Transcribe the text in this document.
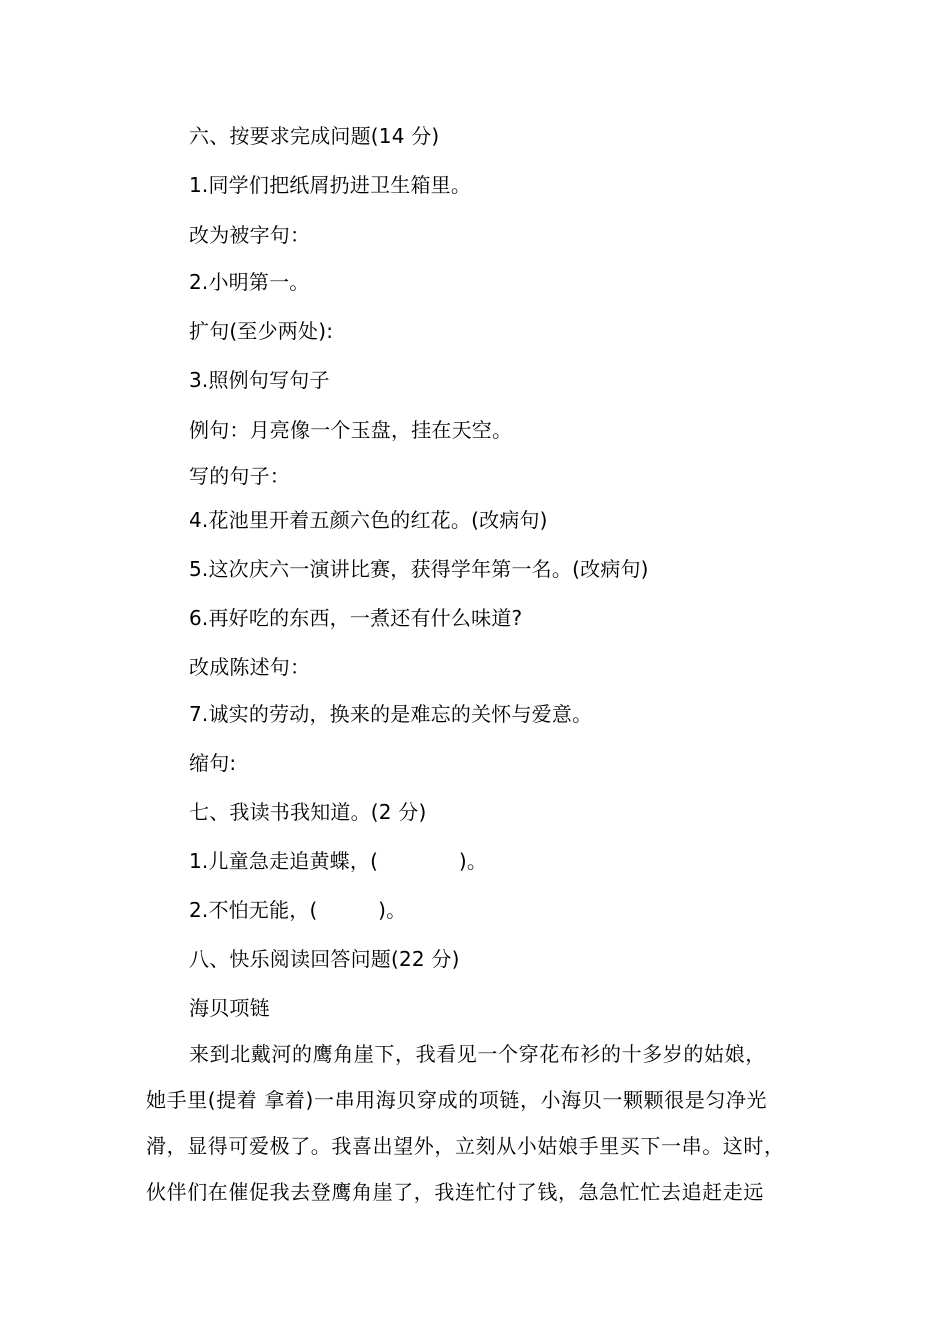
六、按要求完成问题(14 分)
1.同学们把纸屑扔进卫生箱里。
改为被字句：
2.小明第一。
扩句(至少两处):
3.照例句写句子
例句：月亮像一个玉盘，挂在天空。
写的句子：
4.花池里开着五颜六色的红花。(改病句)
5.这次庆六一演讲比赛，获得学年第一名。(改病句)
6.再好吃的东西，一煮还有什么味道?
改成陈述句：
7.诚实的劳动，换来的是难忘的关怀与爱意。
缩句:
七、我读书我知道。(2 分)
1.儿童急走追黄蝶，(　　　　)。
2.不怕无能，(　　　)。
八、快乐阅读回答问题(22 分)
海贝项链
来到北戴河的鹰角崖下，我看见一个穿花布衫的十多岁的姑娘，
她手里(提着 拿着)一串用海贝穿成的项链，小海贝一颗颗很是匀净光
滑，显得可爱极了。我喜出望外，立刻从小姑娘手里买下一串。这时，
伙伴们在催促我去登鹰角崖了，我连忙付了钱，急急忙忙去追赶走远
